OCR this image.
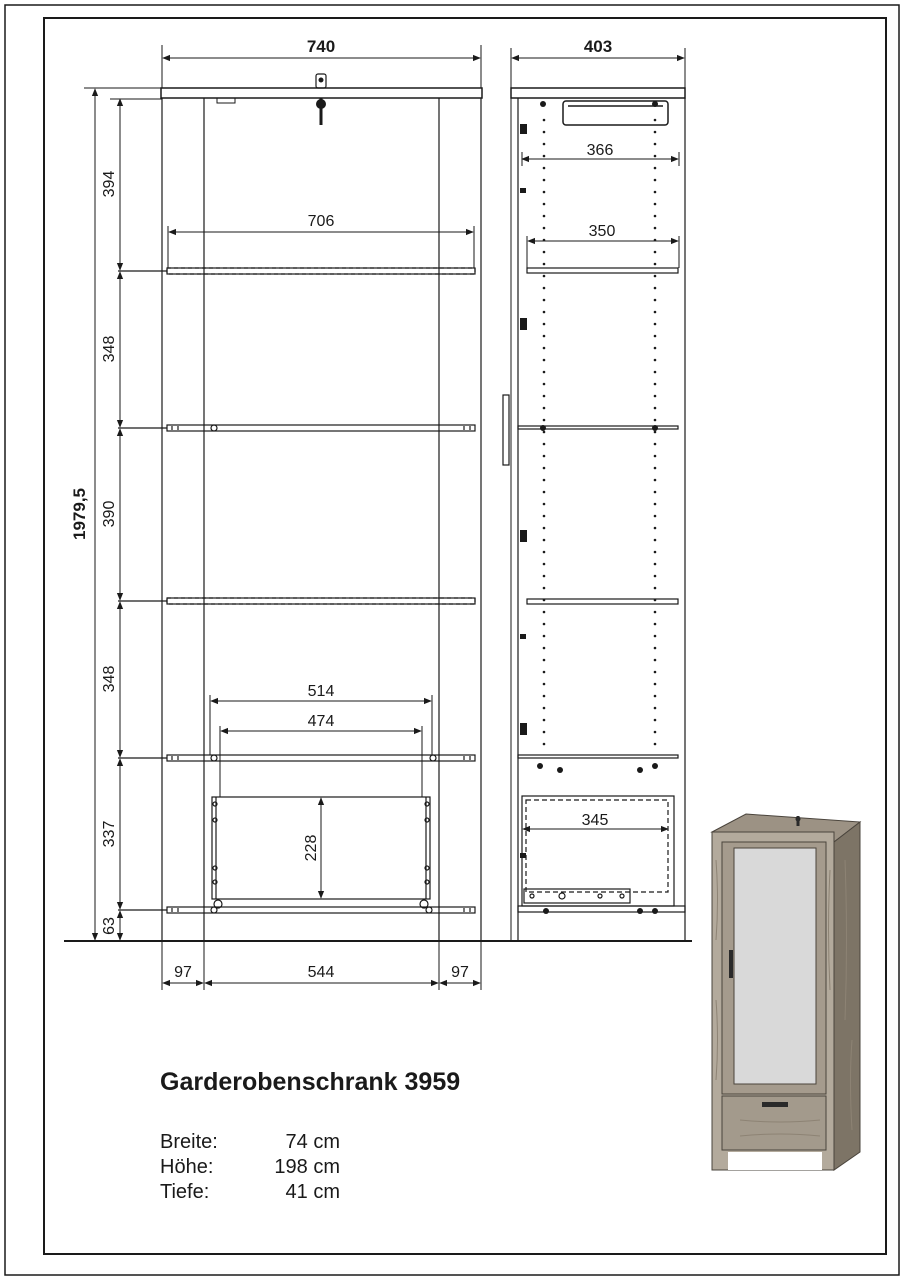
740
1979,5
394
348
390
348
337
63
706
514
474
228
97	544	97
403
366
350
345
Garderobenschrank 3959
Breite:	74 cm
Höhe:	198 cm
Tiefe:	41 cm
